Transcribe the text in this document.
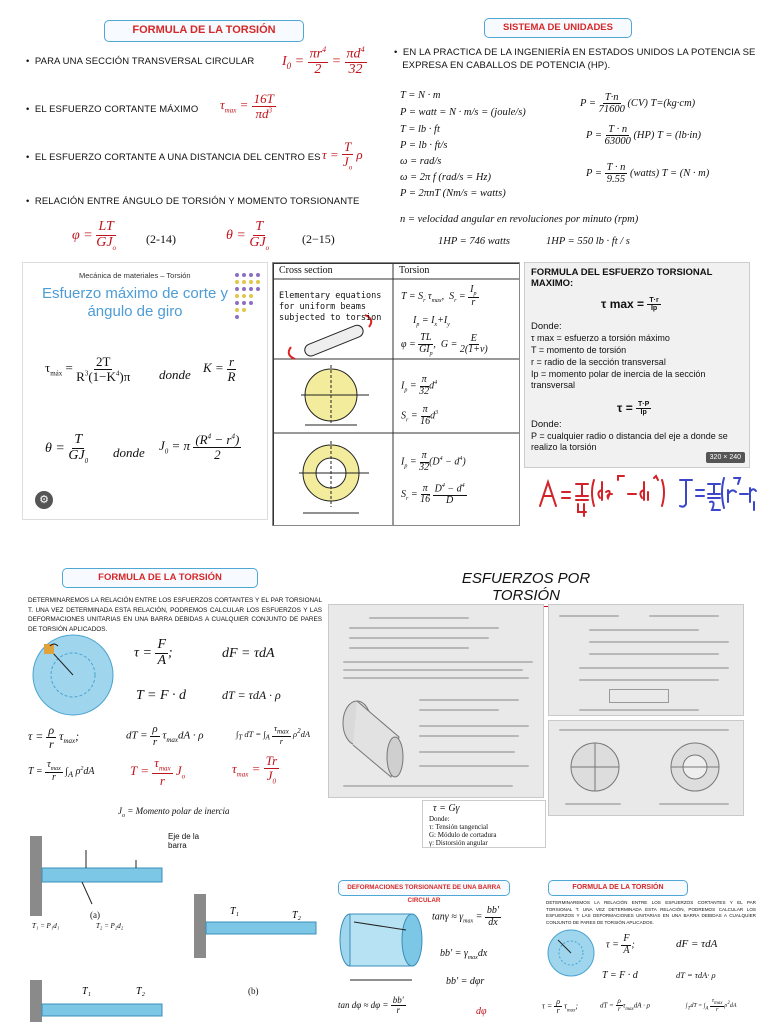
FORMULA DE LA TORSIÓN
•  PARA UNA SECCIÓN TRANSVERSAL CIRCULAR $I_0 = \frac{\pi r^4}{2} = \frac{\pi d^4}{32}$
•  EL ESFUERZO CORTANTE MÁXIMO $\tau_{max} = \frac{16T}{\pi d^3}$
•  EL ESFUERZO CORTANTE A UNA DISTANCIA DEL CENTRO ES $\tau = \frac{T}{J_o}$ ρ
•  RELACIÓN ENTRE ÁNGULO DE TORSIÓN Y MOMENTO TORSIONANTE
$\varphi = \frac{LT}{GJ_o} (2-14)$	$\theta = \frac{T}{GJ_o}$	(2−15)
SISTEMA DE UNIDADES
•  EN LA PRACTICA DE LA INGENIERÍA EN ESTADOS UNIDOS LA POTENCIA SE
EXPRESA EN CABALLOS DE POTENCIA (HP).
T = N · m
P = watt = N · m/s = (joule/s)
T = lb · ft
P = lb · ft/s
ω = rad/s
ω = 2π f (rad/s = Hz)
P = 2πnT (Nm/s = watts)
$P = \frac{T\cdot n}{71600} (CV)$ T=(kg·cm)
$P = \frac{T \cdot n}{63000} (HP) T = (lb\cdot in)$
$P = \frac{T \cdot n}{9.55}$ (watts) T = (N · m)
n = velocidad angular en revoluciones por minuto (rpm)
1HP = 746 watts	1HP = 550 lb · ft / s
Mecánica de materiales – Torsión
Esfuerzo máximo de corte y ángulo de giro
$\tau_{máx} = \frac{2T}{R^3(1-K^4)\pi}$ donde $K = \frac{r}{R}$
$\theta = \frac{T}{GJ_0}$ donde $J_0 = \pi \frac{(R^4 - r^4)}{2}$
⚙
Cross section	Torsion
Elementary equations for uniform beams subjected to torsion
$T = S_r$ $\tau_{max}$,  $S_r = \frac{I_p}{r}$
$I_p = I_x+I_y$
$\varphi = \frac{TL}{GI_p}$ ,  $G = \frac{E}{2(1+\nu)}$
$I_p = \frac{\pi}{32} d^4$
$S_r = \frac{\pi}{16} d^3$
$I_p = \frac{\pi}{32} (D^4 - d^4)$
$S_r = \frac{\pi}{16}$
$\frac{D^4 - d^4}{D}$
FORMULA DEL ESFUERZO TORSIONAL MAXIMO:
τ $\max = \frac{T\cdot r}{Ip}$
Donde:
τ max = esfuerzo a torsión máximo
T = momento de torsión
r = radio de la sección transversal
Ip = momento polar de inercia de la sección transversal
$\tau = \frac{T\cdot P}{Ip}$
Donde:
P = cualquier radio o distancia del eje a donde se realizo la torsión
320 × 240
FORMULA DE LA TORSIÓN
DETERMINAREMOS LA RELACIÓN ENTRE LOS ESFUERZOS CORTANTES Y EL PAR TORSIONAL T. UNA VEZ DETERMINADA ESTA RELACIÓN, PODREMOS CALCULAR LOS ESFUERZOS Y LAS DEFORMACIONES UNITARIAS EN UNA BARRA DEBIDAS A CUALQUIER CONJUNTO DE PARES DE TORSIÓN APLICADOS.
$\tau = \frac{F}{A}$ ;	dF = τdA
T = F · d	dT = τdA · ρ
$\tau = \frac{\rho}{r} \tau_{max}$;	dT = $\frac{\rho}{r} \tau_{max}dA \cdot \rho$	$\int_T$ dT = $\int_A \frac{\tau_{max}}{r} \rho^2dA$
$T = \frac{\tau_{max}}{r} \int_A$ $\rho^2dA$	$T = \frac{\tau_{max}}{r} J_o$
$\tau_{max} = \frac{Tr}{J_0}$
$J_o$ = Momento polar de inercia
T₁ = P₁d₁	T₂ = P₂d₂
Eje de la barra
(a)	T₁	T₂
(b)
T₁	T₂
ESFUERZOS POR TORSIÓN
τ = Gγ
Donde:
τ: Tensión tangencial
G: Módulo de cortadura
γ: Distorsión angular
DEFORMACIONES TORSIONANTE DE UNA BARRA CIRCULAR
$\tan\gamma \approx \gamma_{max} = \frac{bb'}{dx}$
$bb' = \gamma_{max}dx$
bb' = dφr
$\tan d\varphi \approx d\varphi = \frac{bb'}{r}$	dφ
FORMULA DE LA TORSIÓN
DETERMINAREMOS LA RELACIÓN ENTRE LOS ESFUERZOS CORTANTES Y EL PAR TORSIONAL T. UNA VEZ DETERMINADA ESTA RELACIÓN, PODREMOS CALCULAR LOS ESFUERZOS Y LAS DEFORMACIONES UNITARIAS EN UNA BARRA DEBIDAS A CUALQUIER CONJUNTO DE PARES DE TORSIÓN APLICADOS.
$\tau = \frac{F}{A}$ ;	dF = τdA
T = F · d	dT = τdA· ρ
$\tau = \frac{\rho}{r} \tau_{max}$;	dT = $\frac{\rho}{r} \tau_{max}dA \cdot \rho$	$\int_TdT = \int_A \frac{\tau_{max}}{r} \rho^2dA$
